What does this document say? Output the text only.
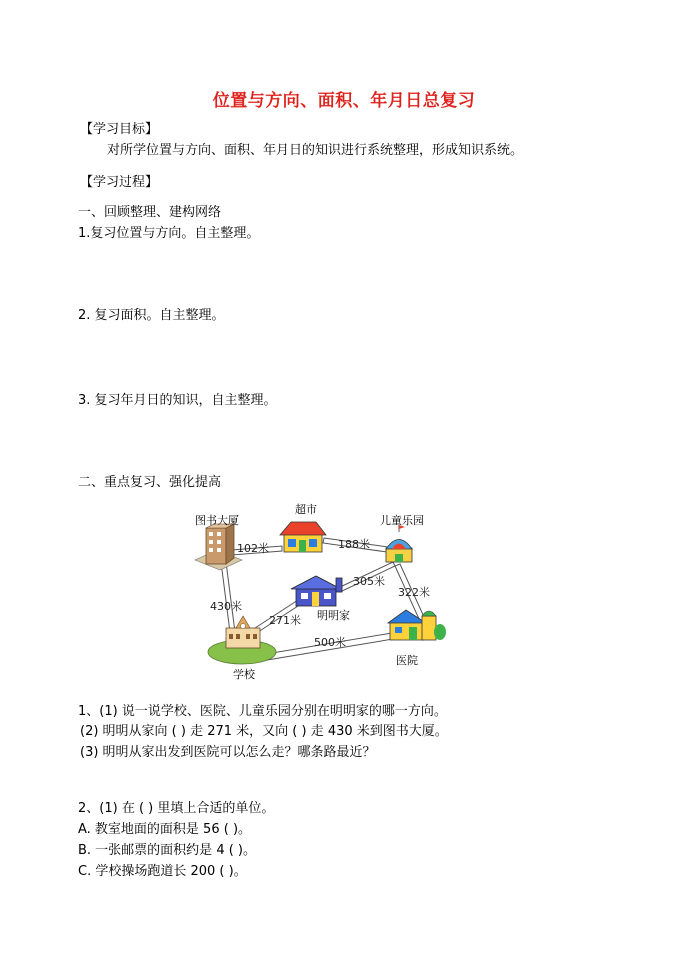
位置与方向、面积、年月日总复习
【学习目标】
对所学位置与方向、面积、年月日的知识进行系统整理，形成知识系统。
【学习过程】
一、回顾整理、建构网络
1.复习位置与方向。自主整理。
2. 复习面积。自主整理。
3. 复习年月日的知识，自主整理。
二、重点复习、强化提高
图书大厦
超市
儿童乐园
明明家
学校
医院
102米	188米
430米
271米
305米
322米
500米
1、(1) 说一说学校、医院、儿童乐园分别在明明家的哪一方向。
(2) 明明从家向 ( ) 走 271 米，又向 ( ) 走 430 米到图书大厦。
(3) 明明从家出发到医院可以怎么走？哪条路最近？
2、(1) 在 ( ) 里填上合适的单位。
A. 教室地面的面积是 56 ( )。
B. 一张邮票的面积约是 4 ( )。
C. 学校操场跑道长 200 ( )。
